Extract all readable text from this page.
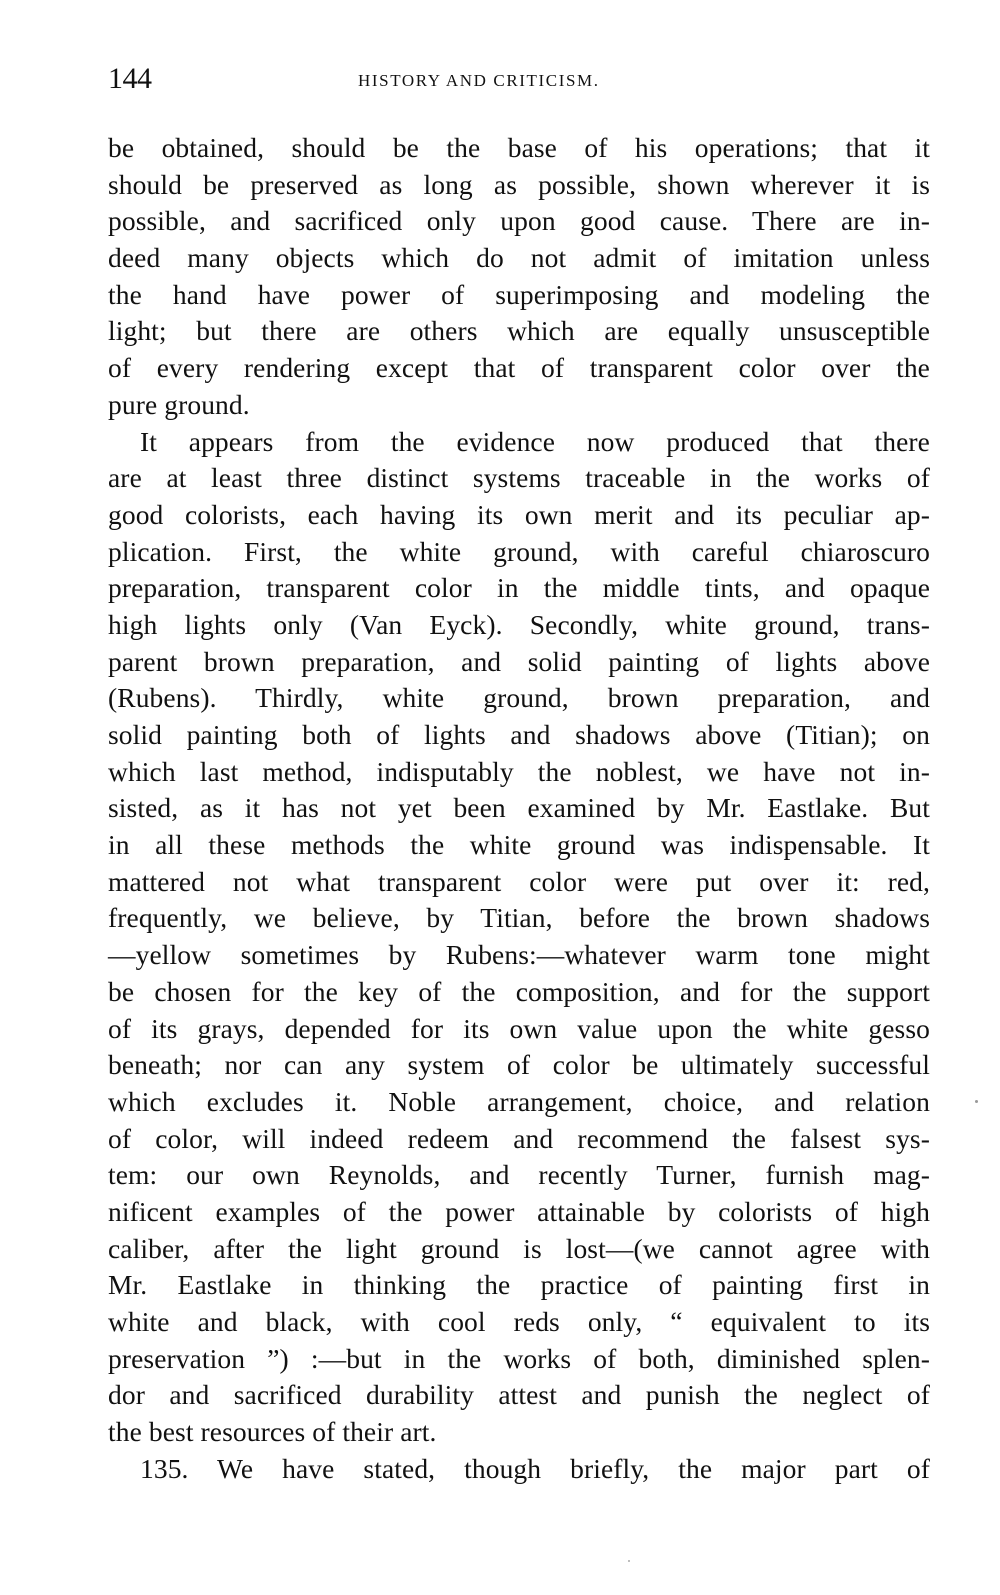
144	HISTORY AND CRITICISM.
be obtained, should be the base of his operations; that it
should be preserved as long as possible, shown wherever it is
possible, and sacrificed only upon good cause. There are in-
deed many objects which do not admit of imitation unless
the hand have power of superimposing and modeling the
light; but there are others which are equally unsusceptible
of every rendering except that of transparent color over the
pure ground.
It appears from the evidence now produced that there
are at least three distinct systems traceable in the works of
good colorists, each having its own merit and its peculiar ap-
plication. First, the white ground, with careful chiaroscuro
preparation, transparent color in the middle tints, and opaque
high lights only (Van Eyck). Secondly, white ground, trans-
parent brown preparation, and solid painting of lights above
(Rubens). Thirdly, white ground, brown preparation, and
solid painting both of lights and shadows above (Titian); on
which last method, indisputably the noblest, we have not in-
sisted, as it has not yet been examined by Mr. Eastlake. But
in all these methods the white ground was indispensable. It
mattered not what transparent color were put over it: red,
frequently, we believe, by Titian, before the brown shadows
—yellow sometimes by Rubens:—whatever warm tone might
be chosen for the key of the composition, and for the support
of its grays, depended for its own value upon the white gesso
beneath; nor can any system of color be ultimately successful
which excludes it. Noble arrangement, choice, and relation
of color, will indeed redeem and recommend the falsest sys-
tem: our own Reynolds, and recently Turner, furnish mag-
nificent examples of the power attainable by colorists of high
caliber, after the light ground is lost—(we cannot agree with
Mr. Eastlake in thinking the practice of painting first in
white and black, with cool reds only, “ equivalent to its
preservation ”) :—but in the works of both, diminished splen-
dor and sacrificed durability attest and punish the neglect of
the best resources of their art.
135. We have stated, though briefly, the major part of
